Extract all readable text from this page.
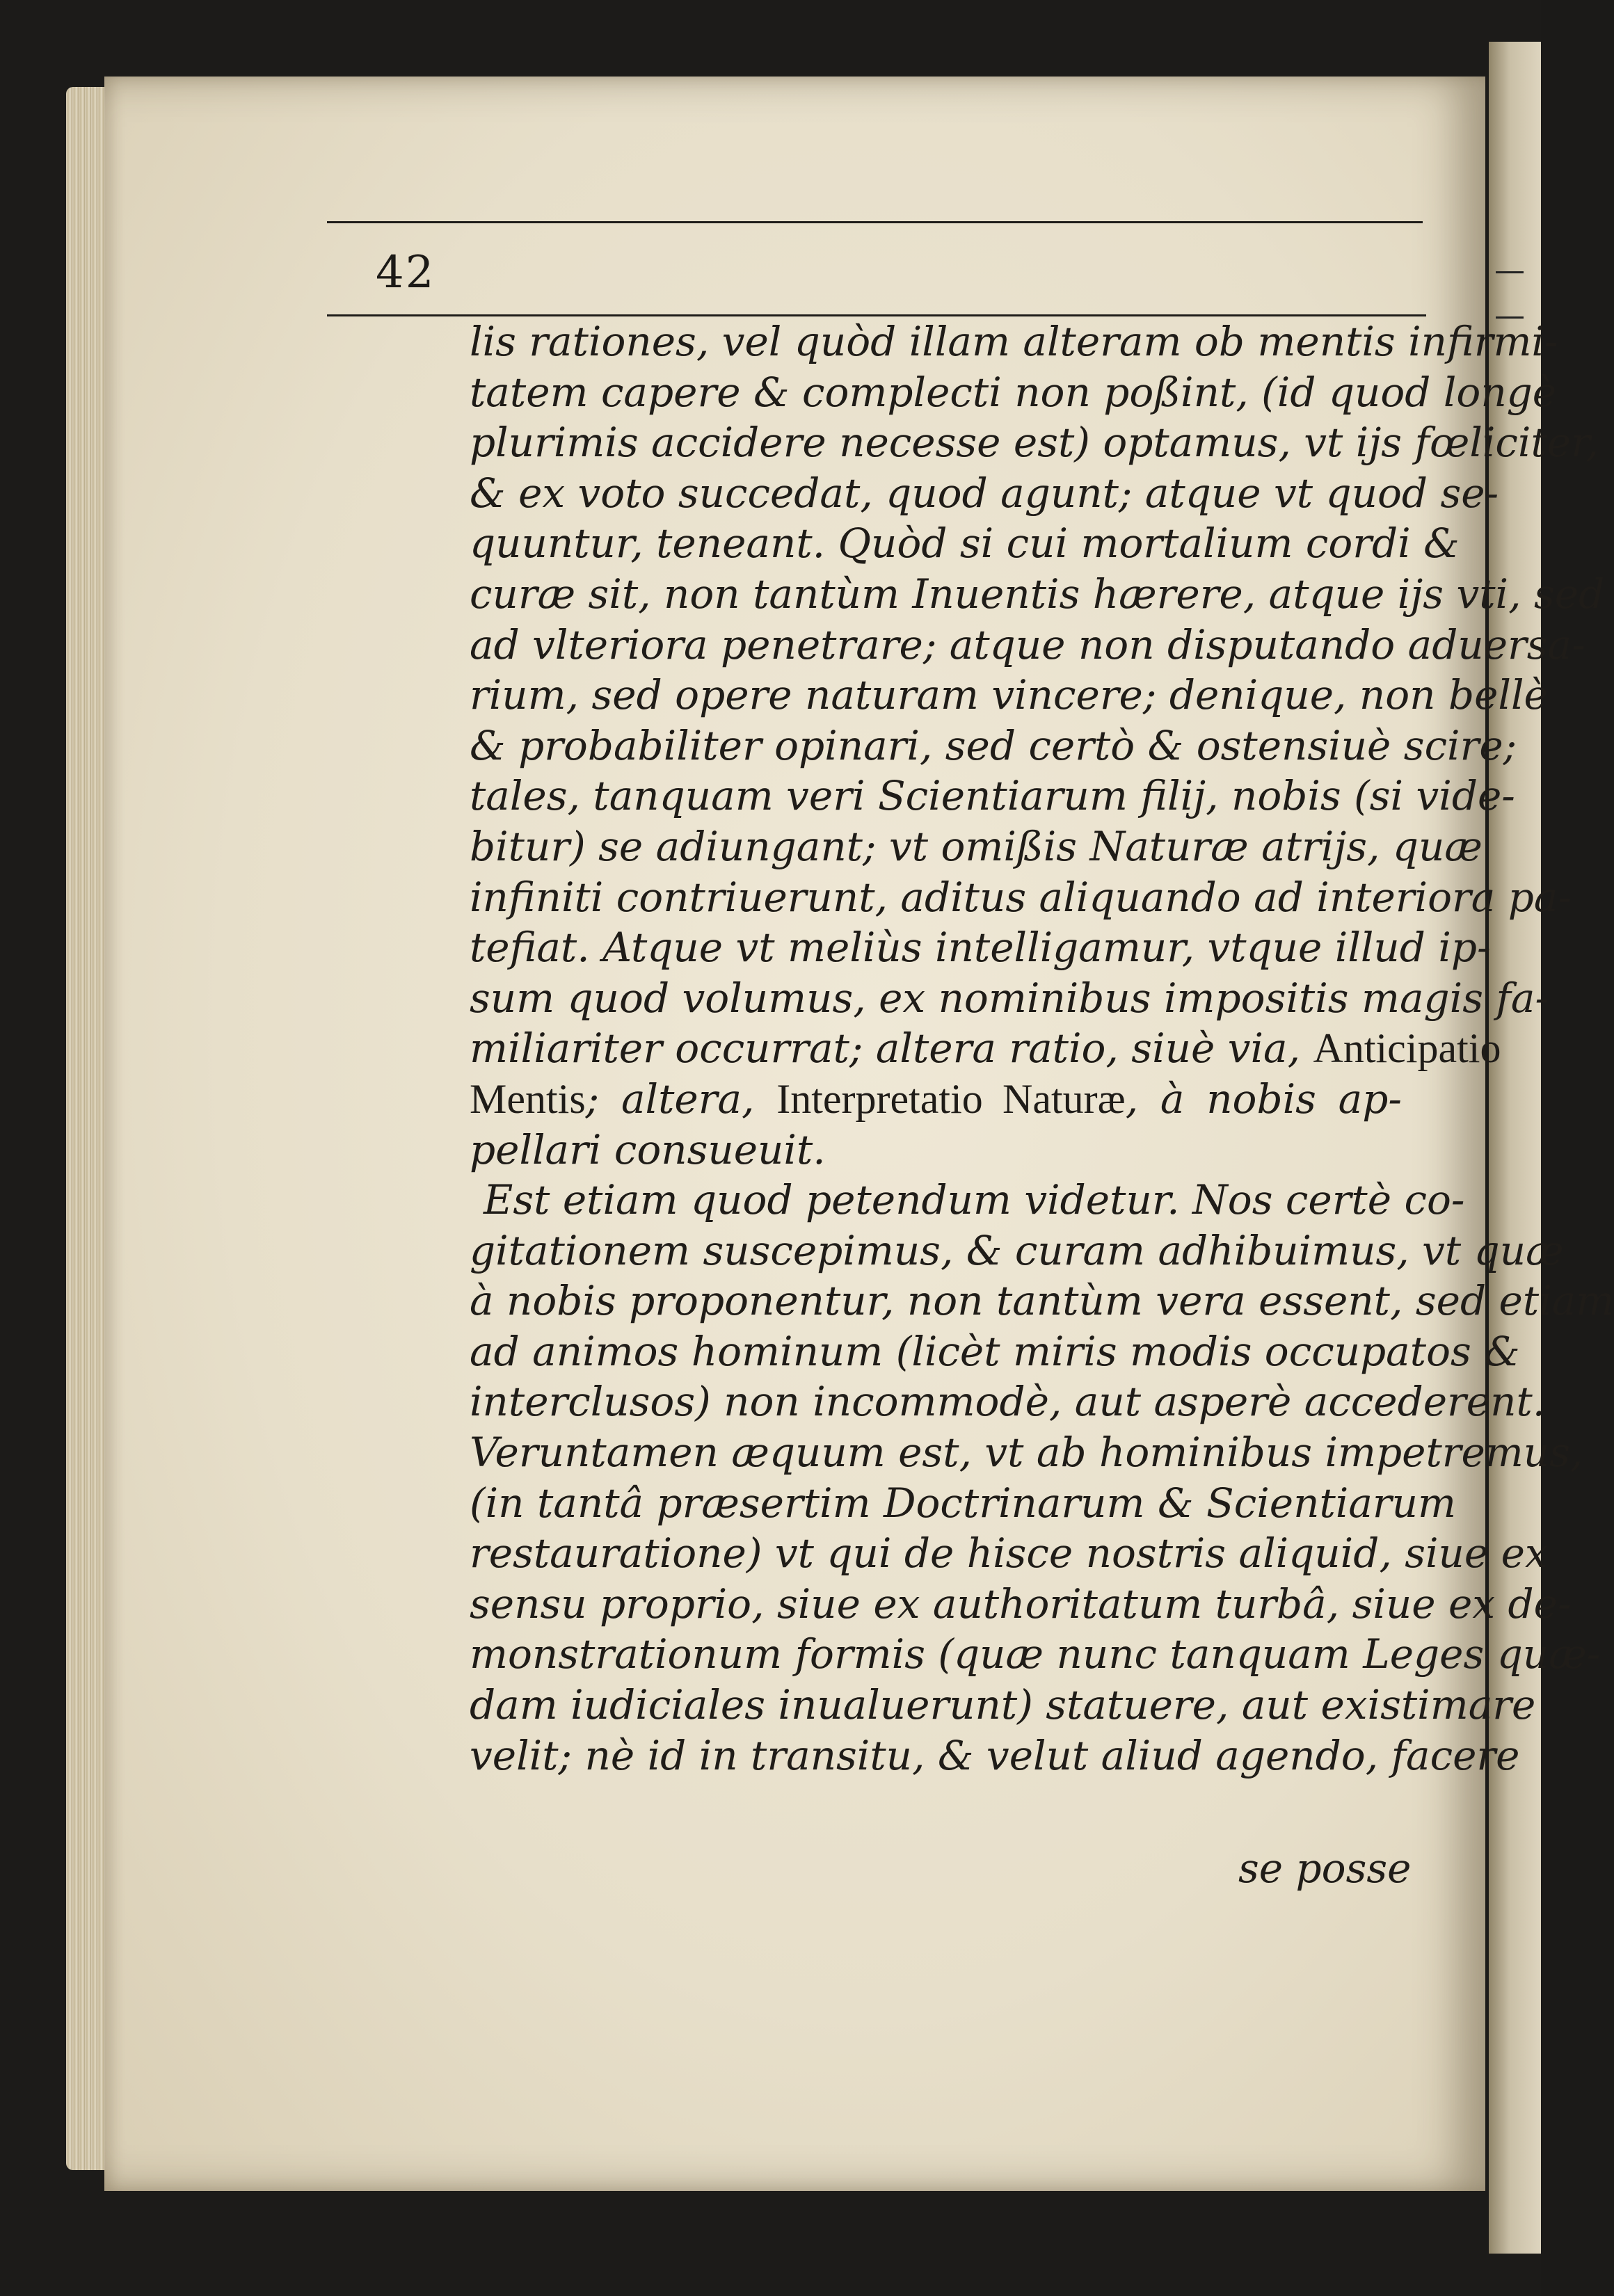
42
lis rationes, vel quòd illam alteram ob mentis infirmi-
tatem capere & complecti non poßint, (id quod longè
plurimis accidere necesse est) optamus, vt ijs fœliciter,
& ex voto succedat, quod agunt; atque vt quod se-
quuntur, teneant. Quòd si cui mortalium cordi &
curæ sit, non tantùm Inuentis hærere, atque ijs vti, sed
ad vlteriora penetrare; atque non disputando aduersa-
rium, sed opere naturam vincere; denique, non bellè
& probabiliter opinari, sed certò & ostensiuè scire;
tales, tanquam veri Scientiarum filij, nobis (si vide-
bitur) se adiungant; vt omißis Naturæ atrijs, quæ
infiniti contriuerunt, aditus aliquando ad interiora pa-
tefiat. Atque vt meliùs intelligamur, vtque illud ip-
sum quod volumus, ex nominibus impositis magis fa-
miliariter occurrat; altera ratio, siuè via, Anticipatio
Mentis; altera, Interpretatio Naturæ, à nobis ap-
pellari consueuit.
Est etiam quod petendum videtur. Nos certè co-
gitationem suscepimus, & curam adhibuimus, vt quæ
à nobis proponentur, non tantùm vera essent, sed etiam
ad animos hominum (licèt miris modis occupatos &
interclusos) non incommodè, aut asperè accederent.
Veruntamen æquum est, vt ab hominibus impetremus,
(in tantâ præsertim Doctrinarum & Scientiarum
restauratione) vt qui de hisce nostris aliquid, siue ex
sensu proprio, siue ex authoritatum turbâ, siue ex de-
monstrationum formis (quæ nunc tanquam Leges quæ-
dam iudiciales inualuerunt) statuere, aut existimare
velit; nè id in transitu, & velut aliud agendo, facere
se posse
